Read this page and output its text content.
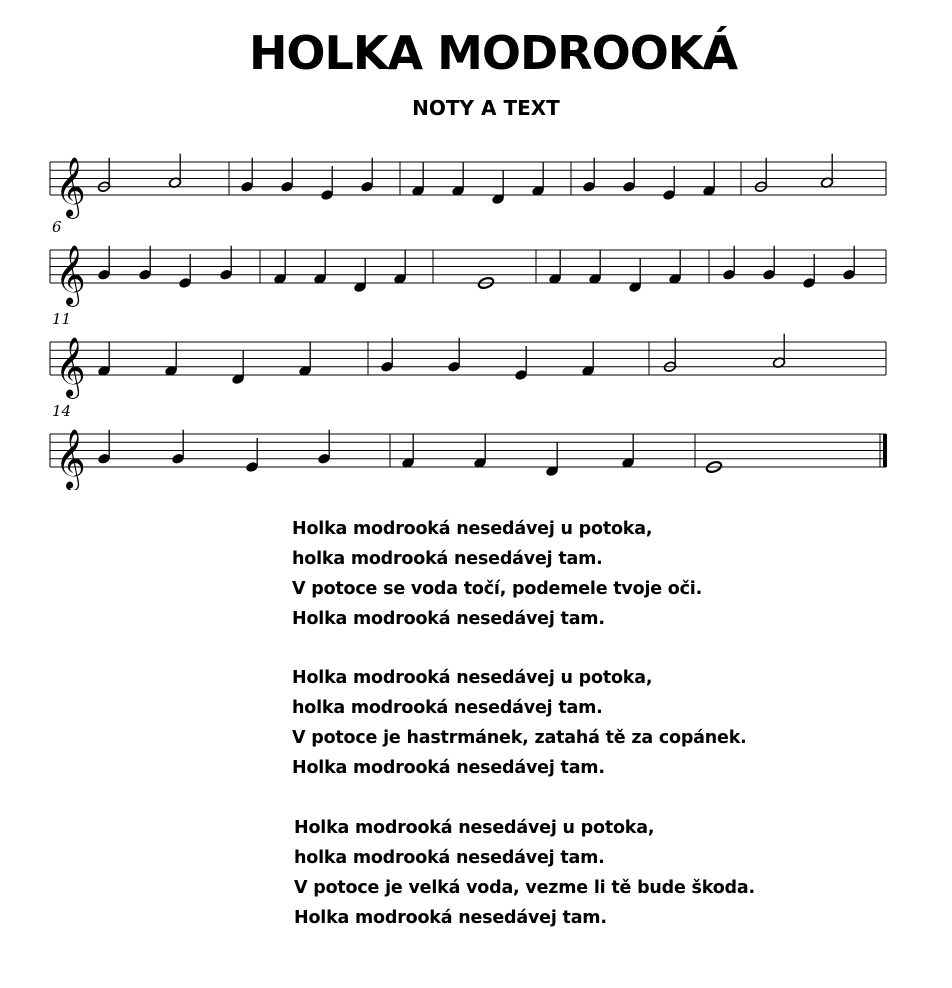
HOLKA MODROOKÁ
NOTY A TEXT
𝄞
𝄞
6
𝄞
11
𝄞
14
Holka modrooká nesedávej u potoka,
holka modrooká nesedávej tam.
V potoce se voda točí, podemele tvoje oči.
Holka modrooká nesedávej tam.
Holka modrooká nesedávej u potoka,
holka modrooká nesedávej tam.
V potoce je hastrmánek, zatahá tě za copánek.
Holka modrooká nesedávej tam.
Holka modrooká nesedávej u potoka,
holka modrooká nesedávej tam.
V potoce je velká voda, vezme li tě bude škoda.
Holka modrooká nesedávej tam.
